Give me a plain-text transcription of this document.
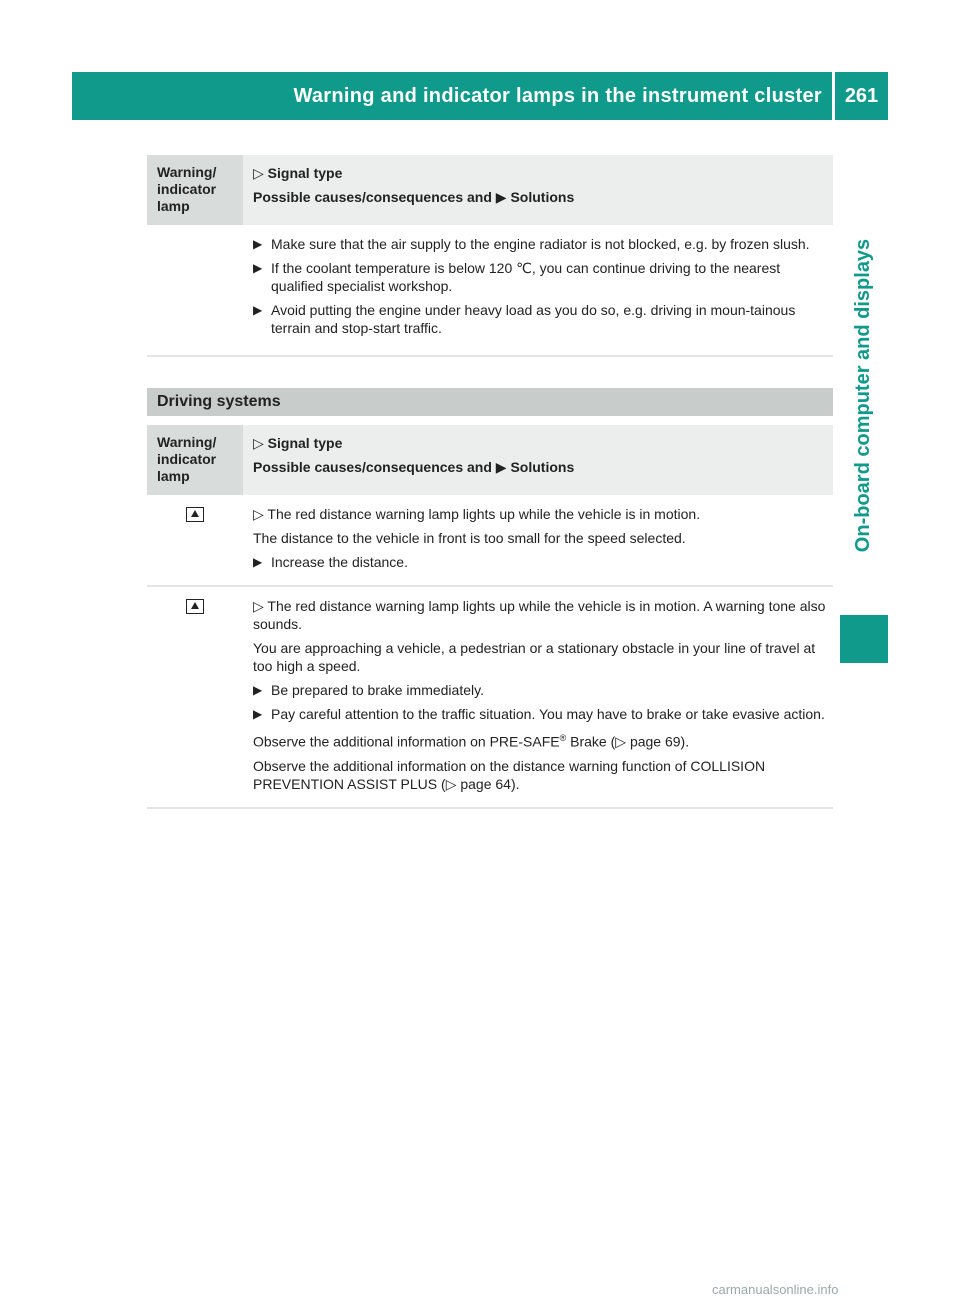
Warning and indicator lamps in the instrument cluster	261
On-board computer and displays
Warning/ indicator lamp

▷ Signal type

Possible causes/consequences and ▶ Solutions

▶ Make sure that the air supply to the engine radiator is not blocked, e.g. by frozen slush.

▶ If the coolant temperature is below 120 ℃, you can continue driving to the nearest qualified specialist workshop.

▶ Avoid putting the engine under heavy load as you do so, e.g. driving in moun-tainous terrain and stop-start traffic.

Driving systems
Warning/ indicator lamp

▷ Signal type

Possible causes/consequences and ▶ Solutions

▷ The red distance warning lamp lights up while the vehicle is in motion.

The distance to the vehicle in front is too small for the speed selected.

▶ Increase the distance.

▷ The red distance warning lamp lights up while the vehicle is in motion. A warning tone also sounds.

You are approaching a vehicle, a pedestrian or a stationary obstacle in your line of travel at too high a speed.

▶ Be prepared to brake immediately.

▶ Pay careful attention to the traffic situation. You may have to brake or take evasive action.

Observe the additional information on PRE-SAFE® Brake (▷ page 69).

Observe the additional information on the distance warning function of COLLISION PREVENTION ASSIST PLUS (▷ page 64).

carmanualsonline.info
